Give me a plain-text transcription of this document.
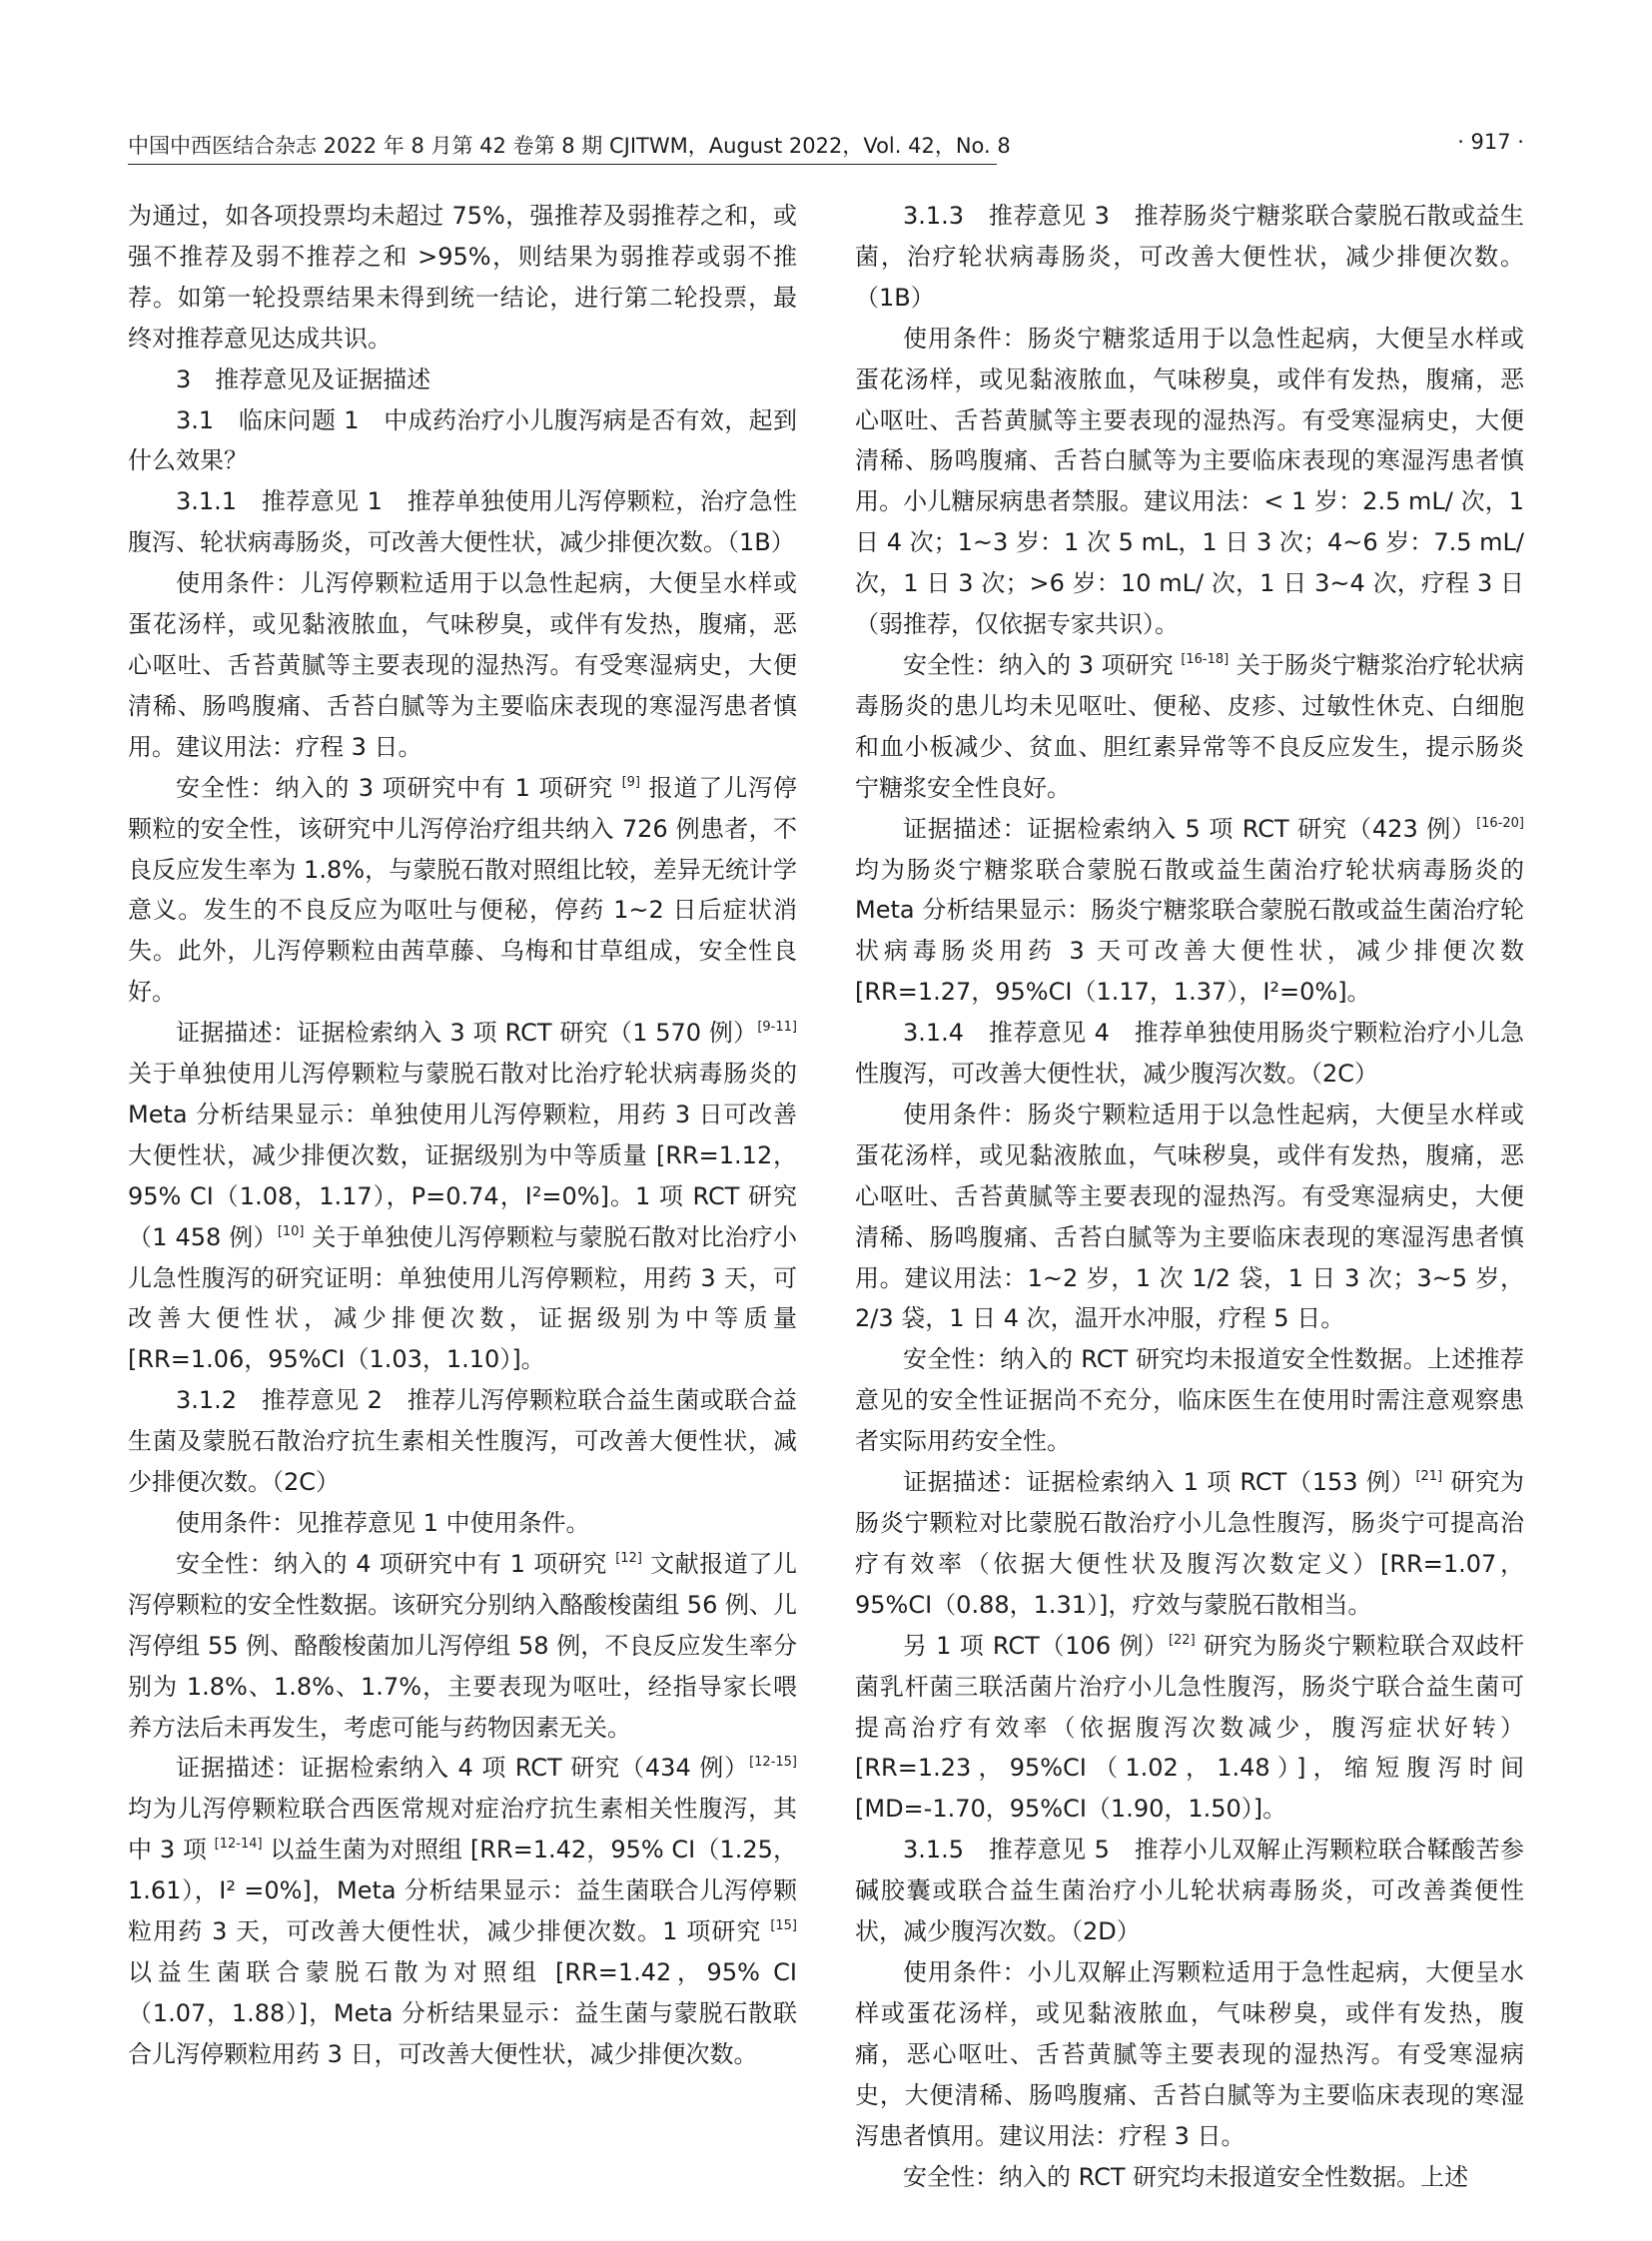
中国中西医结合杂志 2022 年 8 月第 42 卷第 8 期 CJITWM，August 2022，Vol. 42，No. 8	· 917 ·

为通过，如各项投票均未超过 75%，强推荐及弱推荐之和，或强不推荐及弱不推荐之和 >95%，则结果为弱推荐或弱不推荐。如第一轮投票结果未得到统一结论，进行第二轮投票，最终对推荐意见达成共识。

3　推荐意见及证据描述

3.1　临床问题 1　中成药治疗小儿腹泻病是否有效，起到什么效果？

3.1.1　推荐意见 1　推荐单独使用儿泻停颗粒，治疗急性腹泻、轮状病毒肠炎，可改善大便性状，减少排便次数。（1B）

使用条件：儿泻停颗粒适用于以急性起病，大便呈水样或蛋花汤样，或见黏液脓血，气味秽臭，或伴有发热，腹痛，恶心呕吐、舌苔黄腻等主要表现的湿热泻。有受寒湿病史，大便清稀、肠鸣腹痛、舌苔白腻等为主要临床表现的寒湿泻患者慎用。建议用法：疗程 3 日。

安全性：纳入的 3 项研究中有 1 项研究 [9] 报道了儿泻停颗粒的安全性，该研究中儿泻停治疗组共纳入 726 例患者，不良反应发生率为 1.8%，与蒙脱石散对照组比较，差异无统计学意义。发生的不良反应为呕吐与便秘，停药 1~2 日后症状消失。此外，儿泻停颗粒由茜草藤、乌梅和甘草组成，安全性良好。

证据描述：证据检索纳入 3 项 RCT 研究（1 570 例）[9-11] 关于单独使用儿泻停颗粒与蒙脱石散对比治疗轮状病毒肠炎的 Meta 分析结果显示：单独使用儿泻停颗粒，用药 3 日可改善大便性状，减少排便次数，证据级别为中等质量 [RR=1.12，95% CI（1.08，1.17），P=0.74，I²=0%]。1 项 RCT 研究（1 458 例）[10] 关于单独使儿泻停颗粒与蒙脱石散对比治疗小儿急性腹泻的研究证明：单独使用儿泻停颗粒，用药 3 天，可改善大便性状，减少排便次数，证据级别为中等质量 [RR=1.06，95%CI（1.03，1.10）]。

3.1.2　推荐意见 2　推荐儿泻停颗粒联合益生菌或联合益生菌及蒙脱石散治疗抗生素相关性腹泻，可改善大便性状，减少排便次数。（2C）

使用条件：见推荐意见 1 中使用条件。

安全性：纳入的 4 项研究中有 1 项研究 [12] 文献报道了儿泻停颗粒的安全性数据。该研究分别纳入酪酸梭菌组 56 例、儿泻停组 55 例、酪酸梭菌加儿泻停组 58 例，不良反应发生率分别为 1.8%、1.8%、1.7%，主要表现为呕吐，经指导家长喂养方法后未再发生，考虑可能与药物因素无关。

证据描述：证据检索纳入 4 项 RCT 研究（434 例）[12-15] 均为儿泻停颗粒联合西医常规对症治疗抗生素相关性腹泻，其中 3 项 [12-14] 以益生菌为对照组 [RR=1.42，95% CI（1.25，1.61），I² =0%]，Meta 分析结果显示：益生菌联合儿泻停颗粒用药 3 天，可改善大便性状，减少排便次数。1 项研究 [15] 以益生菌联合蒙脱石散为对照组 [RR=1.42，95% CI（1.07，1.88）]，Meta 分析结果显示：益生菌与蒙脱石散联合儿泻停颗粒用药 3 日，可改善大便性状，减少排便次数。

3.1.3　推荐意见 3　推荐肠炎宁糖浆联合蒙脱石散或益生菌，治疗轮状病毒肠炎，可改善大便性状，减少排便次数。（1B）

使用条件：肠炎宁糖浆适用于以急性起病，大便呈水样或蛋花汤样，或见黏液脓血，气味秽臭，或伴有发热，腹痛，恶心呕吐、舌苔黄腻等主要表现的湿热泻。有受寒湿病史，大便清稀、肠鸣腹痛、舌苔白腻等为主要临床表现的寒湿泻患者慎用。小儿糖尿病患者禁服。建议用法：< 1 岁：2.5 mL/ 次，1 日 4 次；1~3 岁：1 次 5 mL，1 日 3 次；4~6 岁：7.5 mL/ 次，1 日 3 次；>6 岁：10 mL/ 次，1 日 3~4 次，疗程 3 日（弱推荐，仅依据专家共识）。

安全性：纳入的 3 项研究 [16-18] 关于肠炎宁糖浆治疗轮状病毒肠炎的患儿均未见呕吐、便秘、皮疹、过敏性休克、白细胞和血小板减少、贫血、胆红素异常等不良反应发生，提示肠炎宁糖浆安全性良好。

证据描述：证据检索纳入 5 项 RCT 研究（423 例）[16-20] 均为肠炎宁糖浆联合蒙脱石散或益生菌治疗轮状病毒肠炎的 Meta 分析结果显示：肠炎宁糖浆联合蒙脱石散或益生菌治疗轮状病毒肠炎用药 3 天可改善大便性状，减少排便次数 [RR=1.27，95%CI（1.17，1.37），I²=0%]。

3.1.4　推荐意见 4　推荐单独使用肠炎宁颗粒治疗小儿急性腹泻，可改善大便性状，减少腹泻次数。（2C）

使用条件：肠炎宁颗粒适用于以急性起病，大便呈水样或蛋花汤样，或见黏液脓血，气味秽臭，或伴有发热，腹痛，恶心呕吐、舌苔黄腻等主要表现的湿热泻。有受寒湿病史，大便清稀、肠鸣腹痛、舌苔白腻等为主要临床表现的寒湿泻患者慎用。建议用法：1~2 岁，1 次 1/2 袋，1 日 3 次；3~5 岁，2/3 袋，1 日 4 次，温开水冲服，疗程 5 日。

安全性：纳入的 RCT 研究均未报道安全性数据。上述推荐意见的安全性证据尚不充分，临床医生在使用时需注意观察患者实际用药安全性。

证据描述：证据检索纳入 1 项 RCT（153 例）[21] 研究为肠炎宁颗粒对比蒙脱石散治疗小儿急性腹泻，肠炎宁可提高治疗有效率（依据大便性状及腹泻次数定义）[RR=1.07，95%CI（0.88，1.31）]，疗效与蒙脱石散相当。

另 1 项 RCT（106 例）[22] 研究为肠炎宁颗粒联合双歧杆菌乳杆菌三联活菌片治疗小儿急性腹泻，肠炎宁联合益生菌可提高治疗有效率（依据腹泻次数减少，腹泻症状好转）[RR=1.23，95%CI（1.02，1.48）]，缩短腹泻时间 [MD=-1.70，95%CI（1.90，1.50）]。

3.1.5　推荐意见 5　推荐小儿双解止泻颗粒联合鞣酸苦参碱胶囊或联合益生菌治疗小儿轮状病毒肠炎，可改善粪便性状，减少腹泻次数。（2D）

使用条件：小儿双解止泻颗粒适用于急性起病，大便呈水样或蛋花汤样，或见黏液脓血，气味秽臭，或伴有发热，腹痛，恶心呕吐、舌苔黄腻等主要表现的湿热泻。有受寒湿病史，大便清稀、肠鸣腹痛、舌苔白腻等为主要临床表现的寒湿泻患者慎用。建议用法：疗程 3 日。

安全性：纳入的 RCT 研究均未报道安全性数据。上述
